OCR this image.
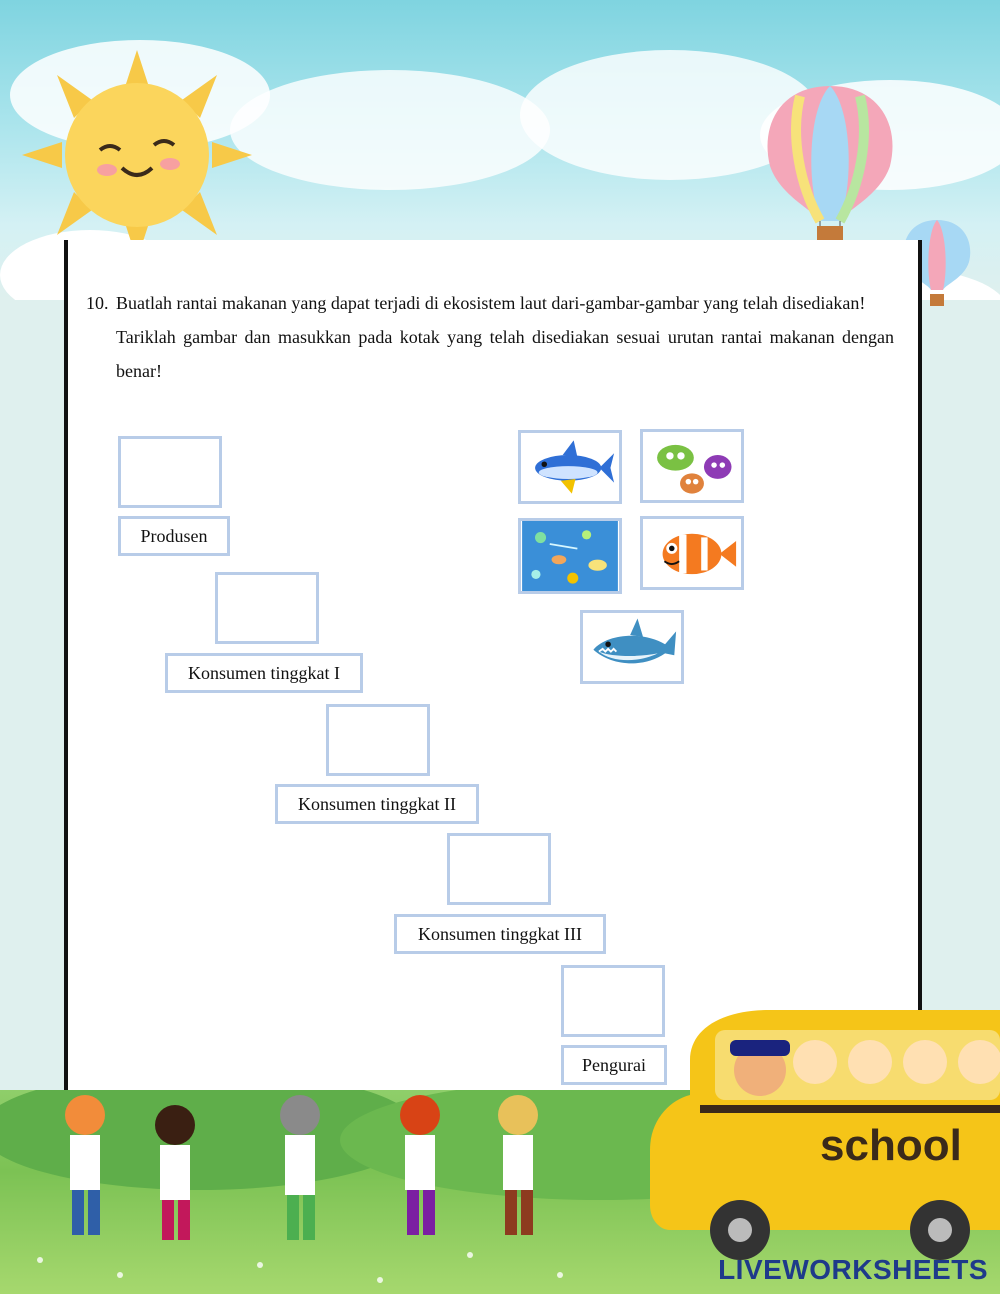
10. Buatlah rantai makanan yang dapat terjadi di ekosistem laut dari-gambar-gambar yang telah disediakan!

Tariklah gambar dan masukkan pada kotak yang telah disediakan sesuai urutan rantai makanan dengan benar!

Produsen
Konsumen tinggkat I
Konsumen tinggkat II
Konsumen tinggkat III
Pengurai
school
LIVEWORKSHEETS
